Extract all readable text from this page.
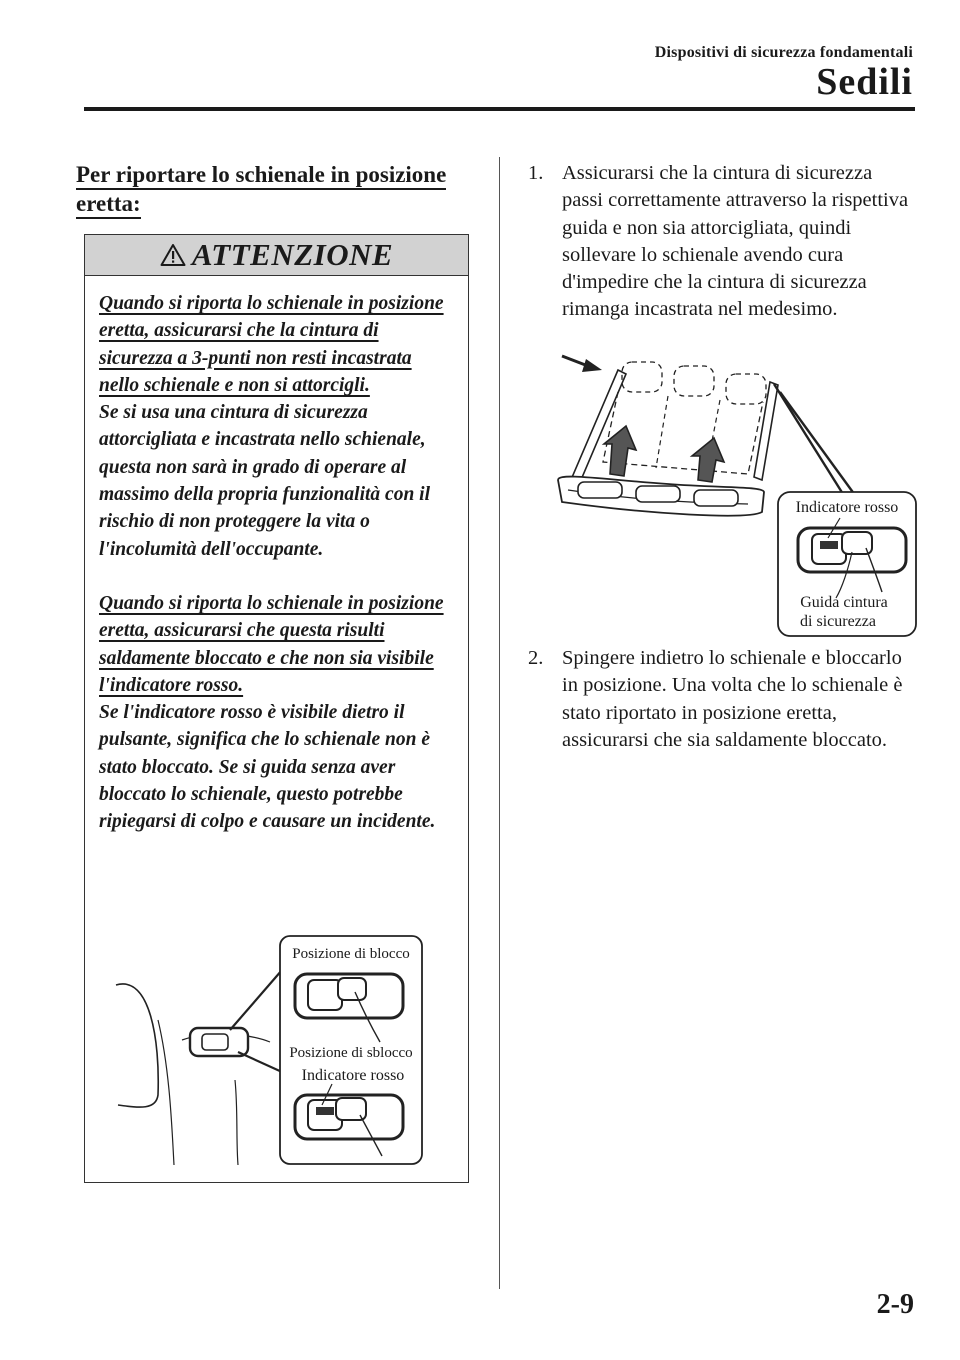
Dispositivi di sicurezza fondamentali
Sedili
Per riportare lo schienale in posizione eretta:
ATTENZIONE

Quando si riporta lo schienale in posizione eretta, assicurarsi che la cintura di sicurezza a 3-punti non resti incastrata nello schienale e non si attorcigli.

Se si usa una cintura di sicurezza attorcigliata e incastrata nello schienale, questa non sarà in grado di operare al massimo della propria funzionalità con il rischio di non proteggere la vita o l'incolumità dell'occupante.

Quando si riporta lo schienale in posizione eretta, assicurarsi che questa risulti saldamente bloccato e che non sia visibile l'indicatore rosso.

Se l'indicatore rosso è visibile dietro il pulsante, significa che lo schienale non è stato bloccato. Se si guida senza aver bloccato lo schienale, questo potrebbe ripiegarsi di colpo e causare un incidente.

Posizione di blocco
Posizione di sblocco
Indicatore rosso
Indicatore rosso
Guida cintura
di sicurezza
1. Assicurarsi che la cintura di sicurezza passi correttamente attraverso la rispettiva guida e non sia attorcigliata, quindi sollevare lo schienale avendo cura d'impedire che la cintura di sicurezza rimanga incastrata nel medesimo.
2. Spingere indietro lo schienale e bloccarlo in posizione. Una volta che lo schienale è stato riportato in posizione eretta, assicurarsi che sia saldamente bloccato.
2-9
